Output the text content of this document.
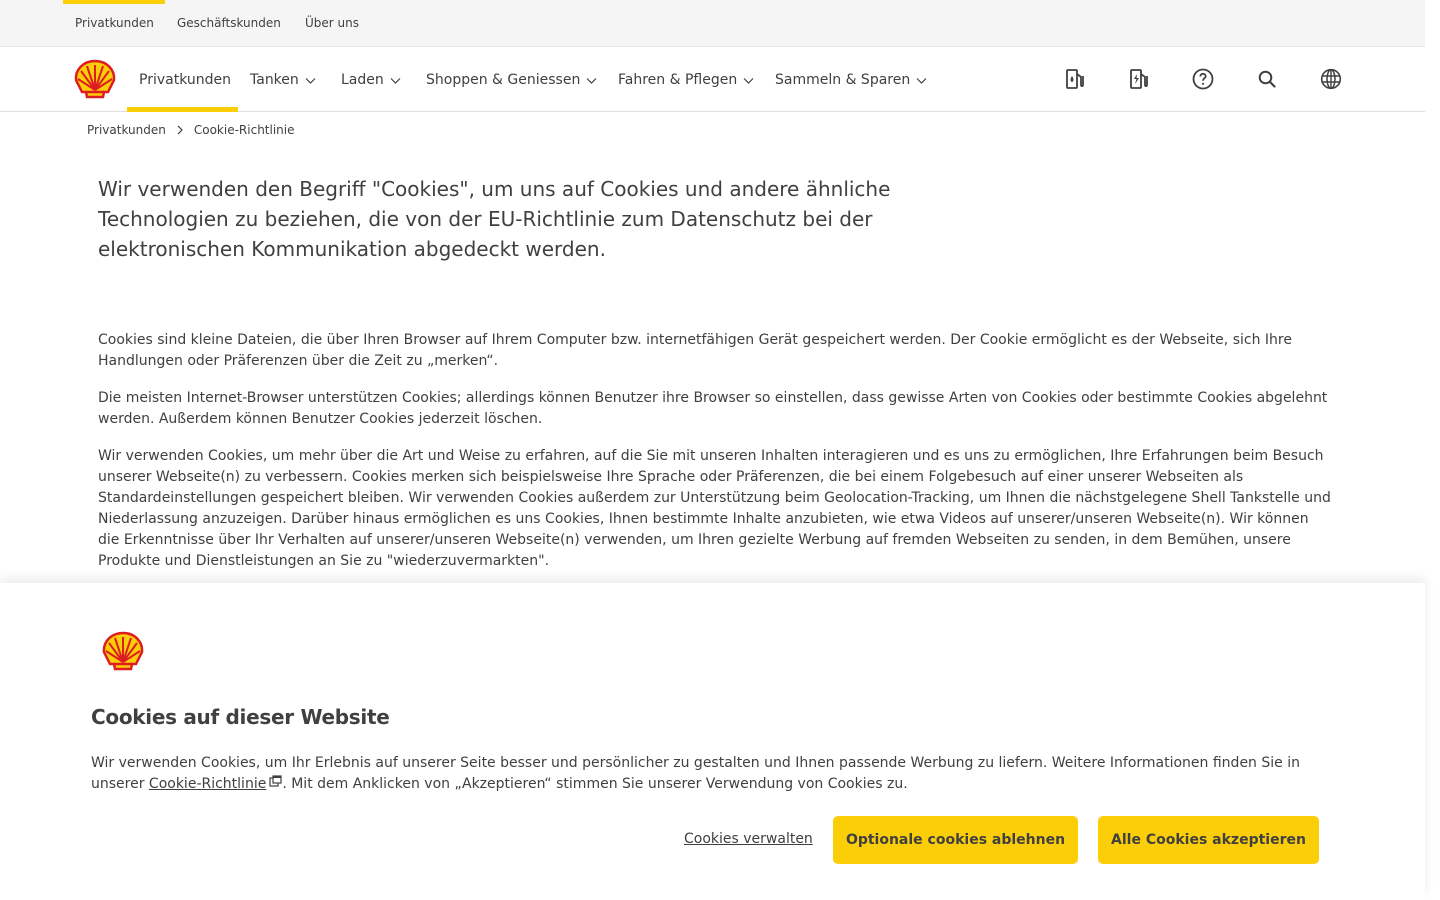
Privatkunden Geschäftskunden Über uns
Privatkunden Tanken	Laden	Shoppen & Geniessen	Fahren & Pflegen	Sammeln & Sparen
Privatkunden Cookie-Richtlinie
Wir verwenden den Begriff "Cookies", um uns auf Cookies und andere ähnliche Technologien zu beziehen, die von der EU-Richtlinie zum Datenschutz bei der elektronischen Kommunikation abgedeckt werden.

Cookies sind kleine Dateien, die über Ihren Browser auf Ihrem Computer bzw. internetfähigen Gerät gespeichert werden. Der Cookie ermöglicht es der Webseite, sich Ihre Handlungen oder Präferenzen über die Zeit zu „merken“.

Die meisten Internet-Browser unterstützen Cookies; allerdings können Benutzer ihre Browser so einstellen, dass gewisse Arten von Cookies oder bestimmte Cookies abgelehnt werden. Außerdem können Benutzer Cookies jederzeit löschen.

Wir verwenden Cookies, um mehr über die Art und Weise zu erfahren, auf die Sie mit unseren Inhalten interagieren und es uns zu ermöglichen, Ihre Erfahrungen beim Besuch unserer Webseite(n) zu verbessern. Cookies merken sich beispielsweise Ihre Sprache oder Präferenzen, die bei einem Folgebesuch auf einer unserer Webseiten als Standardeinstellungen gespeichert bleiben. Wir verwenden Cookies außerdem zur Unterstützung beim Geolocation-Tracking, um Ihnen die nächstgelegene Shell Tankstelle und Niederlassung anzuzeigen. Darüber hinaus ermöglichen es uns Cookies, Ihnen bestimmte Inhalte anzubieten, wie etwa Videos auf unserer/unseren Webseite(n). Wir können die Erkenntnisse über Ihr Verhalten auf unserer/unseren Webseite(n) verwenden, um Ihren gezielte Werbung auf fremden Webseiten zu senden, in dem Bemühen, unsere Produkte und Dienstleistungen an Sie zu "wiederzuvermarkten".

Cookies auf dieser Website

Wir verwenden Cookies, um Ihr Erlebnis auf unserer Seite besser und persönlicher zu gestalten und Ihnen passende Werbung zu liefern. Weitere Informationen finden Sie in unserer Cookie-Richtlinie . Mit dem Anklicken von „Akzeptieren“ stimmen Sie unserer Verwendung von Cookies zu.

Cookies verwalten	Optionale cookies ablehnen	Alle Cookies akzeptieren
